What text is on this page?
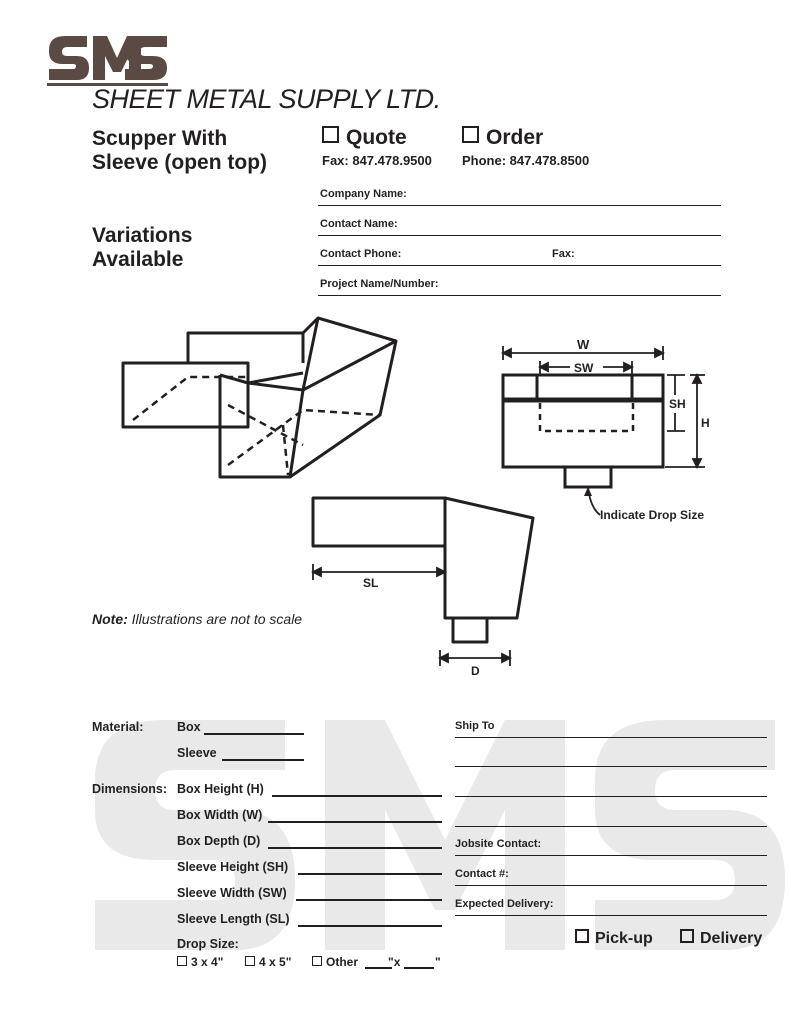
SHEET METAL SUPPLY LTD.
Scupper With
Sleeve (open top)
Variations
Available
Quote	Order
Fax: 847.478.9500 Phone: 847.478.8500
Company Name:
Contact Name:
Contact Phone:	Fax:
Project Name/Number:
W
SW
SH
H
Indicate Drop Size
SL
D
Note: Illustrations are not to scale
Material:	Box
Sleeve
Dimensions: Box Height (H)
Box Width (W)
Box Depth (D)
Sleeve Height (SH)
Sleeve Width (SW)
Sleeve Length (SL)
Drop Size:
3 x 4"	4 x 5"	Other "x	"
Ship To
Jobsite Contact:
Contact #:
Expected Delivery:
Pick-up	Delivery
